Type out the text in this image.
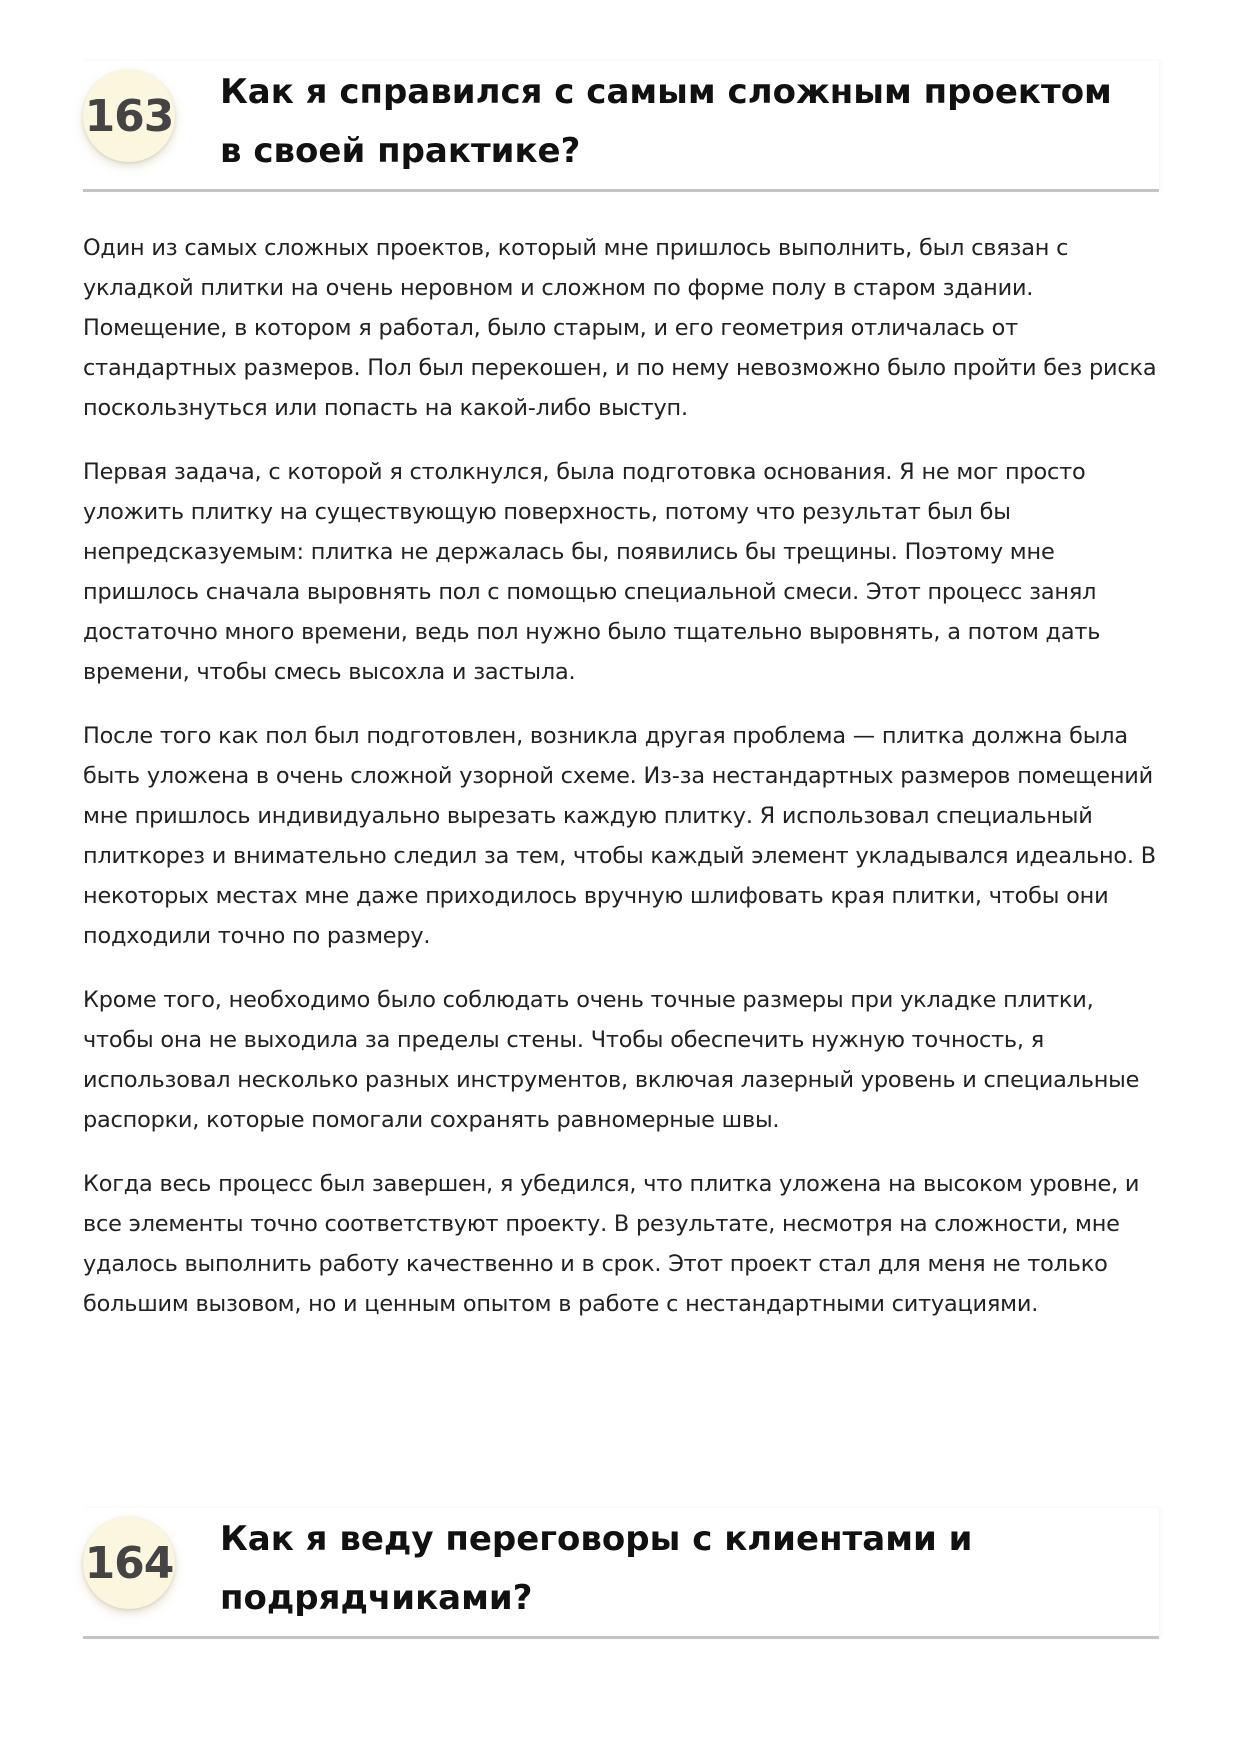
163 Как я справился с самым сложным проектом в своей практике?

Один из самых сложных проектов, который мне пришлось выполнить, был связан с укладкой плитки на очень неровном и сложном по форме полу в старом здании. Помещение, в котором я работал, было старым, и его геометрия отличалась от стандартных размеров. Пол был перекошен, и по нему невозможно было пройти без риска поскользнуться или попасть на какой-либо выступ.

Первая задача, с которой я столкнулся, была подготовка основания. Я не мог просто уложить плитку на существующую поверхность, потому что результат был бы непредсказуемым: плитка не держалась бы, появились бы трещины. Поэтому мне пришлось сначала выровнять пол с помощью специальной смеси. Этот процесс занял достаточно много времени, ведь пол нужно было тщательно выровнять, а потом дать времени, чтобы смесь высохла и застыла.

После того как пол был подготовлен, возникла другая проблема — плитка должна была быть уложена в очень сложной узорной схеме. Из-за нестандартных размеров помещений мне пришлось индивидуально вырезать каждую плитку. Я использовал специальный плиткорез и внимательно следил за тем, чтобы каждый элемент укладывался идеально. В некоторых местах мне даже приходилось вручную шлифовать края плитки, чтобы они подходили точно по размеру.

Кроме того, необходимо было соблюдать очень точные размеры при укладке плитки, чтобы она не выходила за пределы стены. Чтобы обеспечить нужную точность, я использовал несколько разных инструментов, включая лазерный уровень и специальные распорки, которые помогали сохранять равномерные швы.

Когда весь процесс был завершен, я убедился, что плитка уложена на высоком уровне, и все элементы точно соответствуют проекту. В результате, несмотря на сложности, мне удалось выполнить работу качественно и в срок. Этот проект стал для меня не только большим вызовом, но и ценным опытом в работе с нестандартными ситуациями.

164 Как я веду переговоры с клиентами и подрядчиками?
